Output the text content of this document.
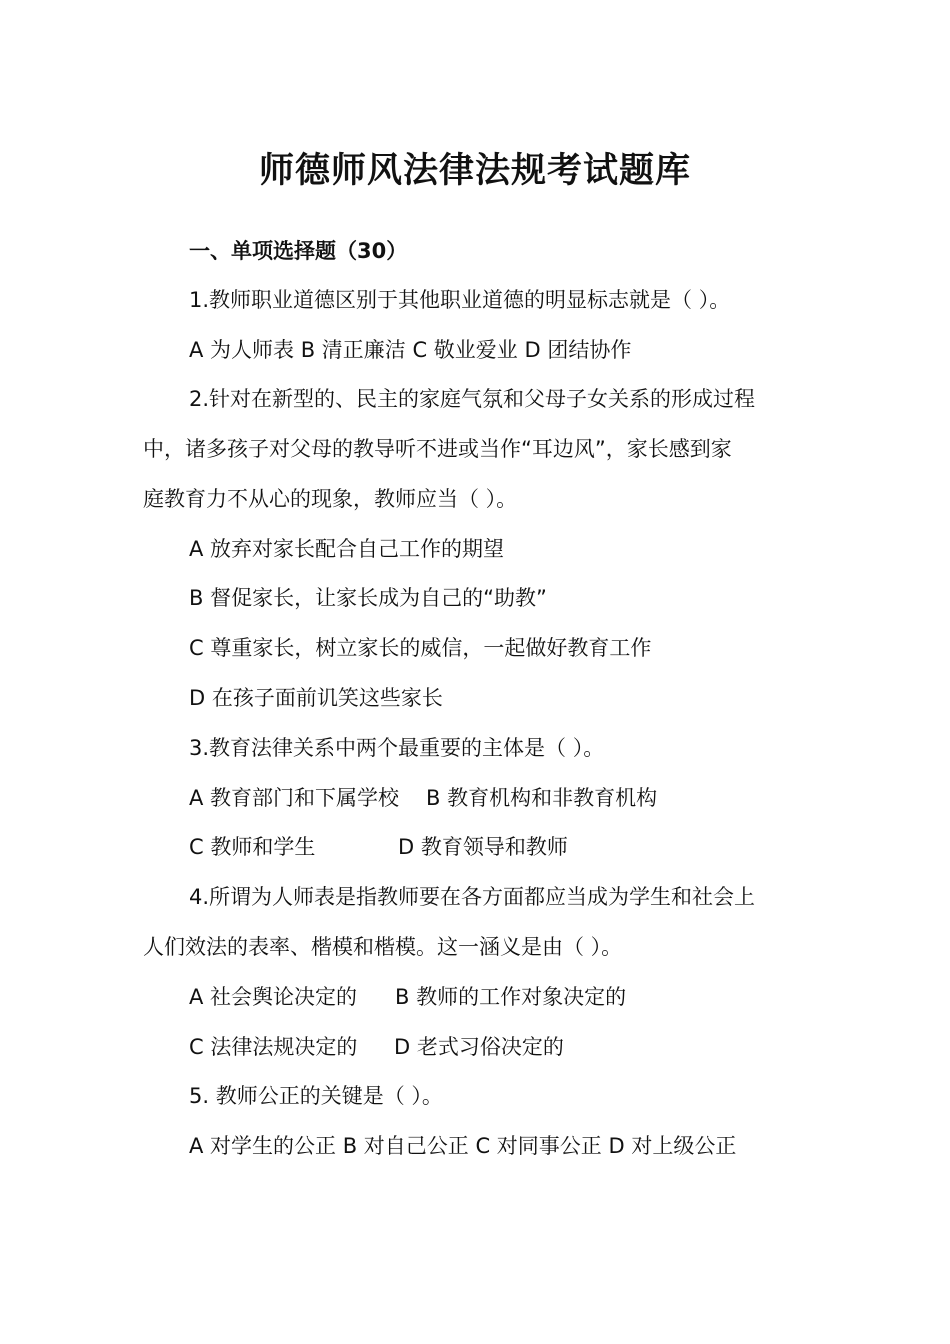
师德师风法律法规考试题库
一、单项选择题（30）
1.教师职业道德区别于其他职业道德的明显标志就是（ ）。
A 为人师表 B 清正廉洁 C 敬业爱业 D 团结协作
2.针对在新型的、民主的家庭气氛和父母子女关系的形成过程
中，诸多孩子对父母的教导听不进或当作“耳边风”，家长感到家
庭教育力不从心的现象，教师应当（ ）。
A 放弃对家长配合自己工作的期望
B 督促家长，让家长成为自己的“助教”
C 尊重家长，树立家长的威信，一起做好教育工作
D 在孩子面前讥笑这些家长
3.教育法律关系中两个最重要的主体是（ ）。
A 教育部门和下属学校 B 教育机构和非教育机构
C 教师和学生	D 教育领导和教师
4.所谓为人师表是指教师要在各方面都应当成为学生和社会上
人们效法的表率、楷模和楷模。这一涵义是由（ ）。
A 社会舆论决定的 B 教师的工作对象决定的
C 法律法规决定的 D 老式习俗决定的
5. 教师公正的关键是（ ）。
A 对学生的公正 B 对自己公正 C 对同事公正 D 对上级公正
